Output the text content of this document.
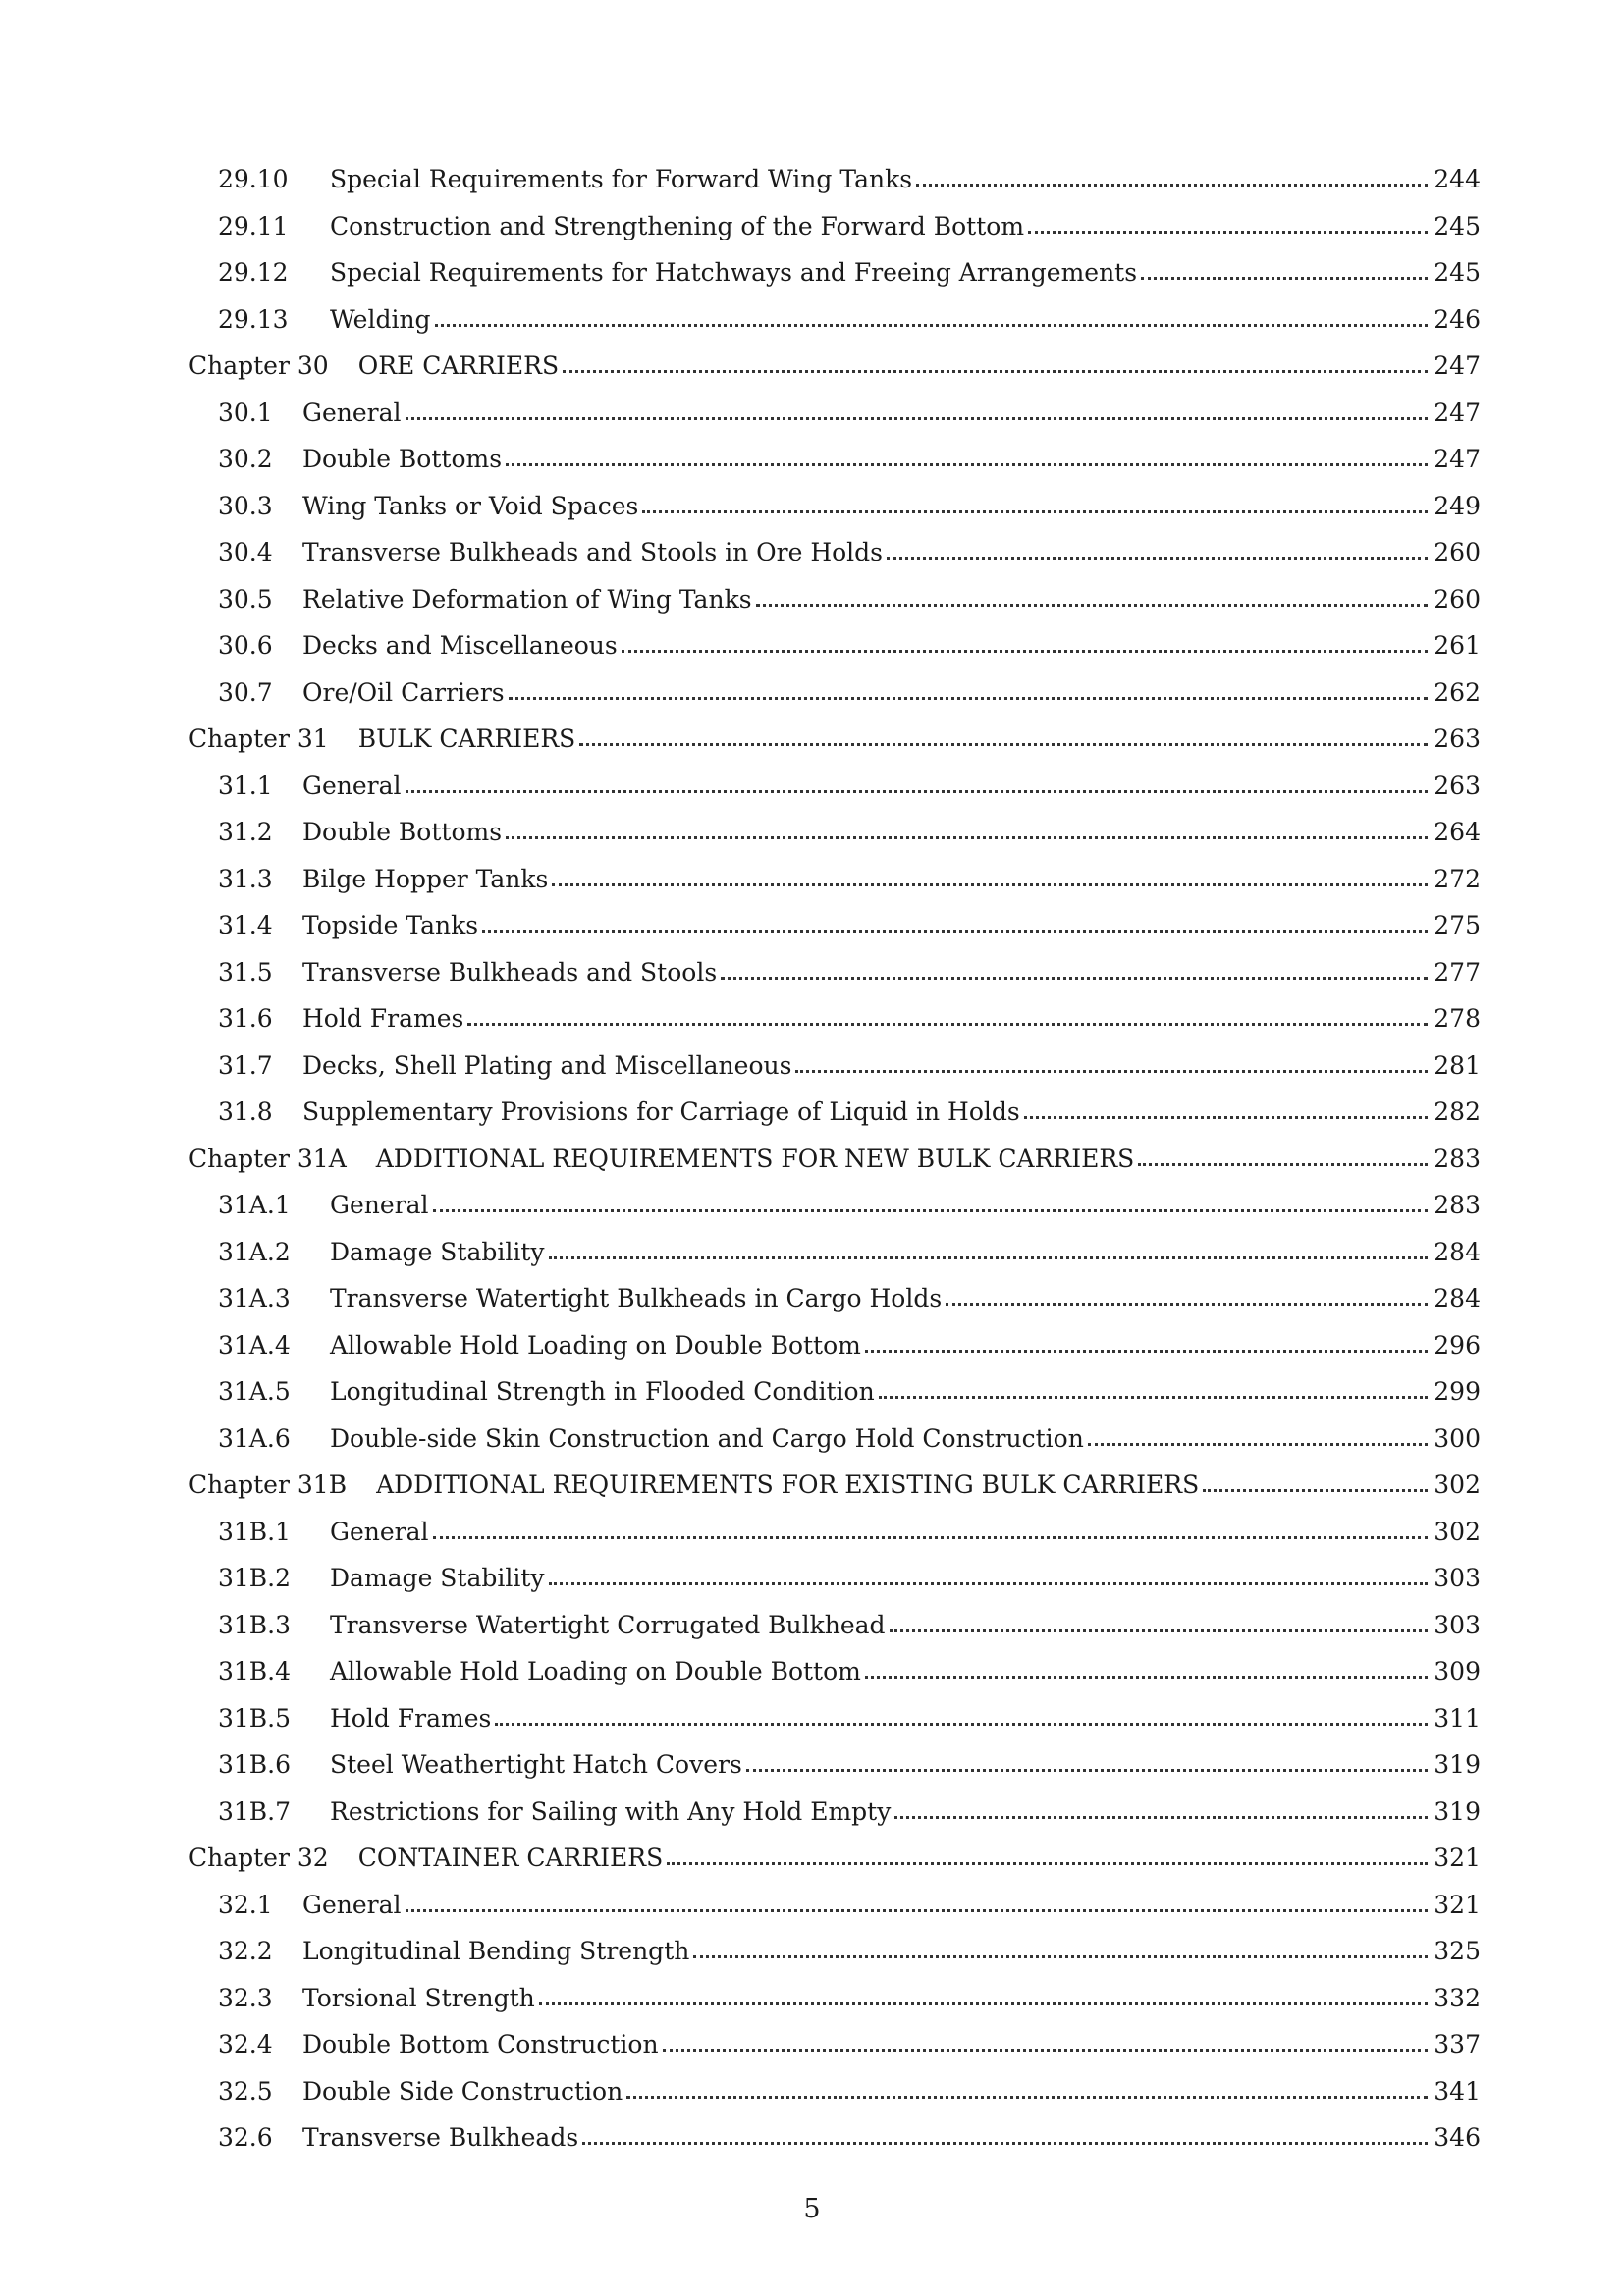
29.10	Special Requirements for Forward Wing Tanks	244
29.11	Construction and Strengthening of the Forward Bottom	245
29.12	Special Requirements for Hatchways and Freeing Arrangements	245
29.13	Welding	246
Chapter 30 ORE CARRIERS	247
30.1	General	247
30.2	Double Bottoms	247
30.3	Wing Tanks or Void Spaces	249
30.4	Transverse Bulkheads and Stools in Ore Holds	260
30.5	Relative Deformation of Wing Tanks	260
30.6	Decks and Miscellaneous	261
30.7	Ore/Oil Carriers	262
Chapter 31 BULK CARRIERS	263
31.1	General	263
31.2	Double Bottoms	264
31.3	Bilge Hopper Tanks	272
31.4	Topside Tanks	275
31.5	Transverse Bulkheads and Stools	277
31.6	Hold Frames	278
31.7	Decks, Shell Plating and Miscellaneous	281
31.8	Supplementary Provisions for Carriage of Liquid in Holds	282
Chapter 31A ADDITIONAL REQUIREMENTS FOR NEW BULK CARRIERS	283
31A.1	General	283
31A.2	Damage Stability	284
31A.3	Transverse Watertight Bulkheads in Cargo Holds	284
31A.4	Allowable Hold Loading on Double Bottom	296
31A.5	Longitudinal Strength in Flooded Condition	299
31A.6	Double-side Skin Construction and Cargo Hold Construction	300
Chapter 31B ADDITIONAL REQUIREMENTS FOR EXISTING BULK CARRIERS	302
31B.1	General	302
31B.2	Damage Stability	303
31B.3	Transverse Watertight Corrugated Bulkhead	303
31B.4	Allowable Hold Loading on Double Bottom	309
31B.5	Hold Frames	311
31B.6	Steel Weathertight Hatch Covers	319
31B.7	Restrictions for Sailing with Any Hold Empty	319
Chapter 32 CONTAINER CARRIERS	321
32.1	General	321
32.2	Longitudinal Bending Strength	325
32.3	Torsional Strength	332
32.4	Double Bottom Construction	337
32.5	Double Side Construction	341
32.6	Transverse Bulkheads	346
5
